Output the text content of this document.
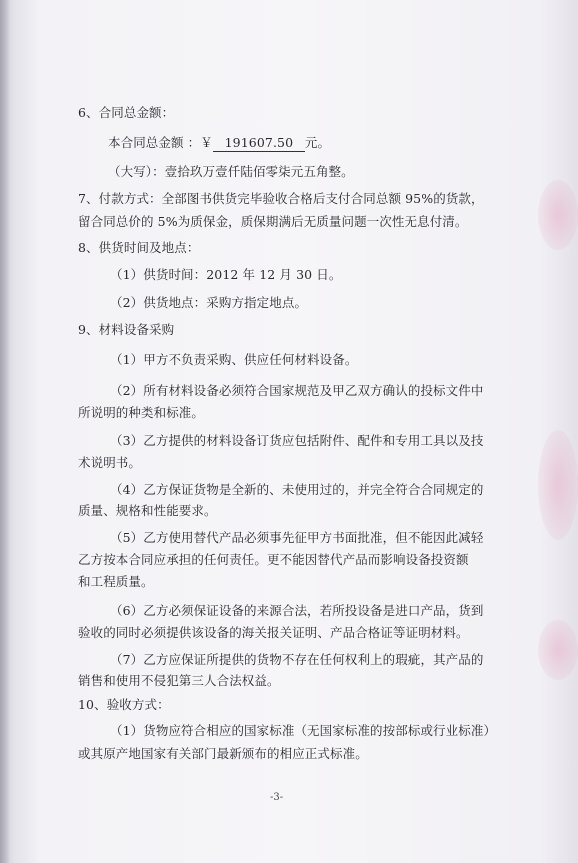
6、合同总金额：
本合同总金额 ：￥ 191607.50 元。
（大写）：壹拾玖万壹仟陆佰零柒元五角整。
7、付款方式：全部图书供货完毕验收合格后支付合同总额 95%的货款，
留合同总价的 5%为质保金，质保期满后无质量问题一次性无息付清。
8、供货时间及地点：
（1）供货时间：2012 年 12 月 30 日。
（2）供货地点：采购方指定地点。
9、材料设备采购
（1）甲方不负责采购、供应任何材料设备。
（2）所有材料设备必须符合国家规范及甲乙双方确认的投标文件中
所说明的种类和标准。
（3）乙方提供的材料设备订货应包括附件、配件和专用工具以及技
术说明书。
（4）乙方保证货物是全新的、未使用过的，并完全符合合同规定的
质量、规格和性能要求。
（5）乙方使用替代产品必须事先征甲方书面批准，但不能因此减轻
乙方按本合同应承担的任何责任。更不能因替代产品而影响设备投资额
和工程质量。
（6）乙方必须保证设备的来源合法，若所投设备是进口产品，货到
验收的同时必须提供该设备的海关报关证明、产品合格证等证明材料。
（7）乙方应保证所提供的货物不存在任何权利上的瑕疵，其产品的
销售和使用不侵犯第三人合法权益。
10、验收方式：
（1）货物应符合相应的国家标准（无国家标准的按部标或行业标准）
或其原产地国家有关部门最新颁布的相应正式标准。
-3-
